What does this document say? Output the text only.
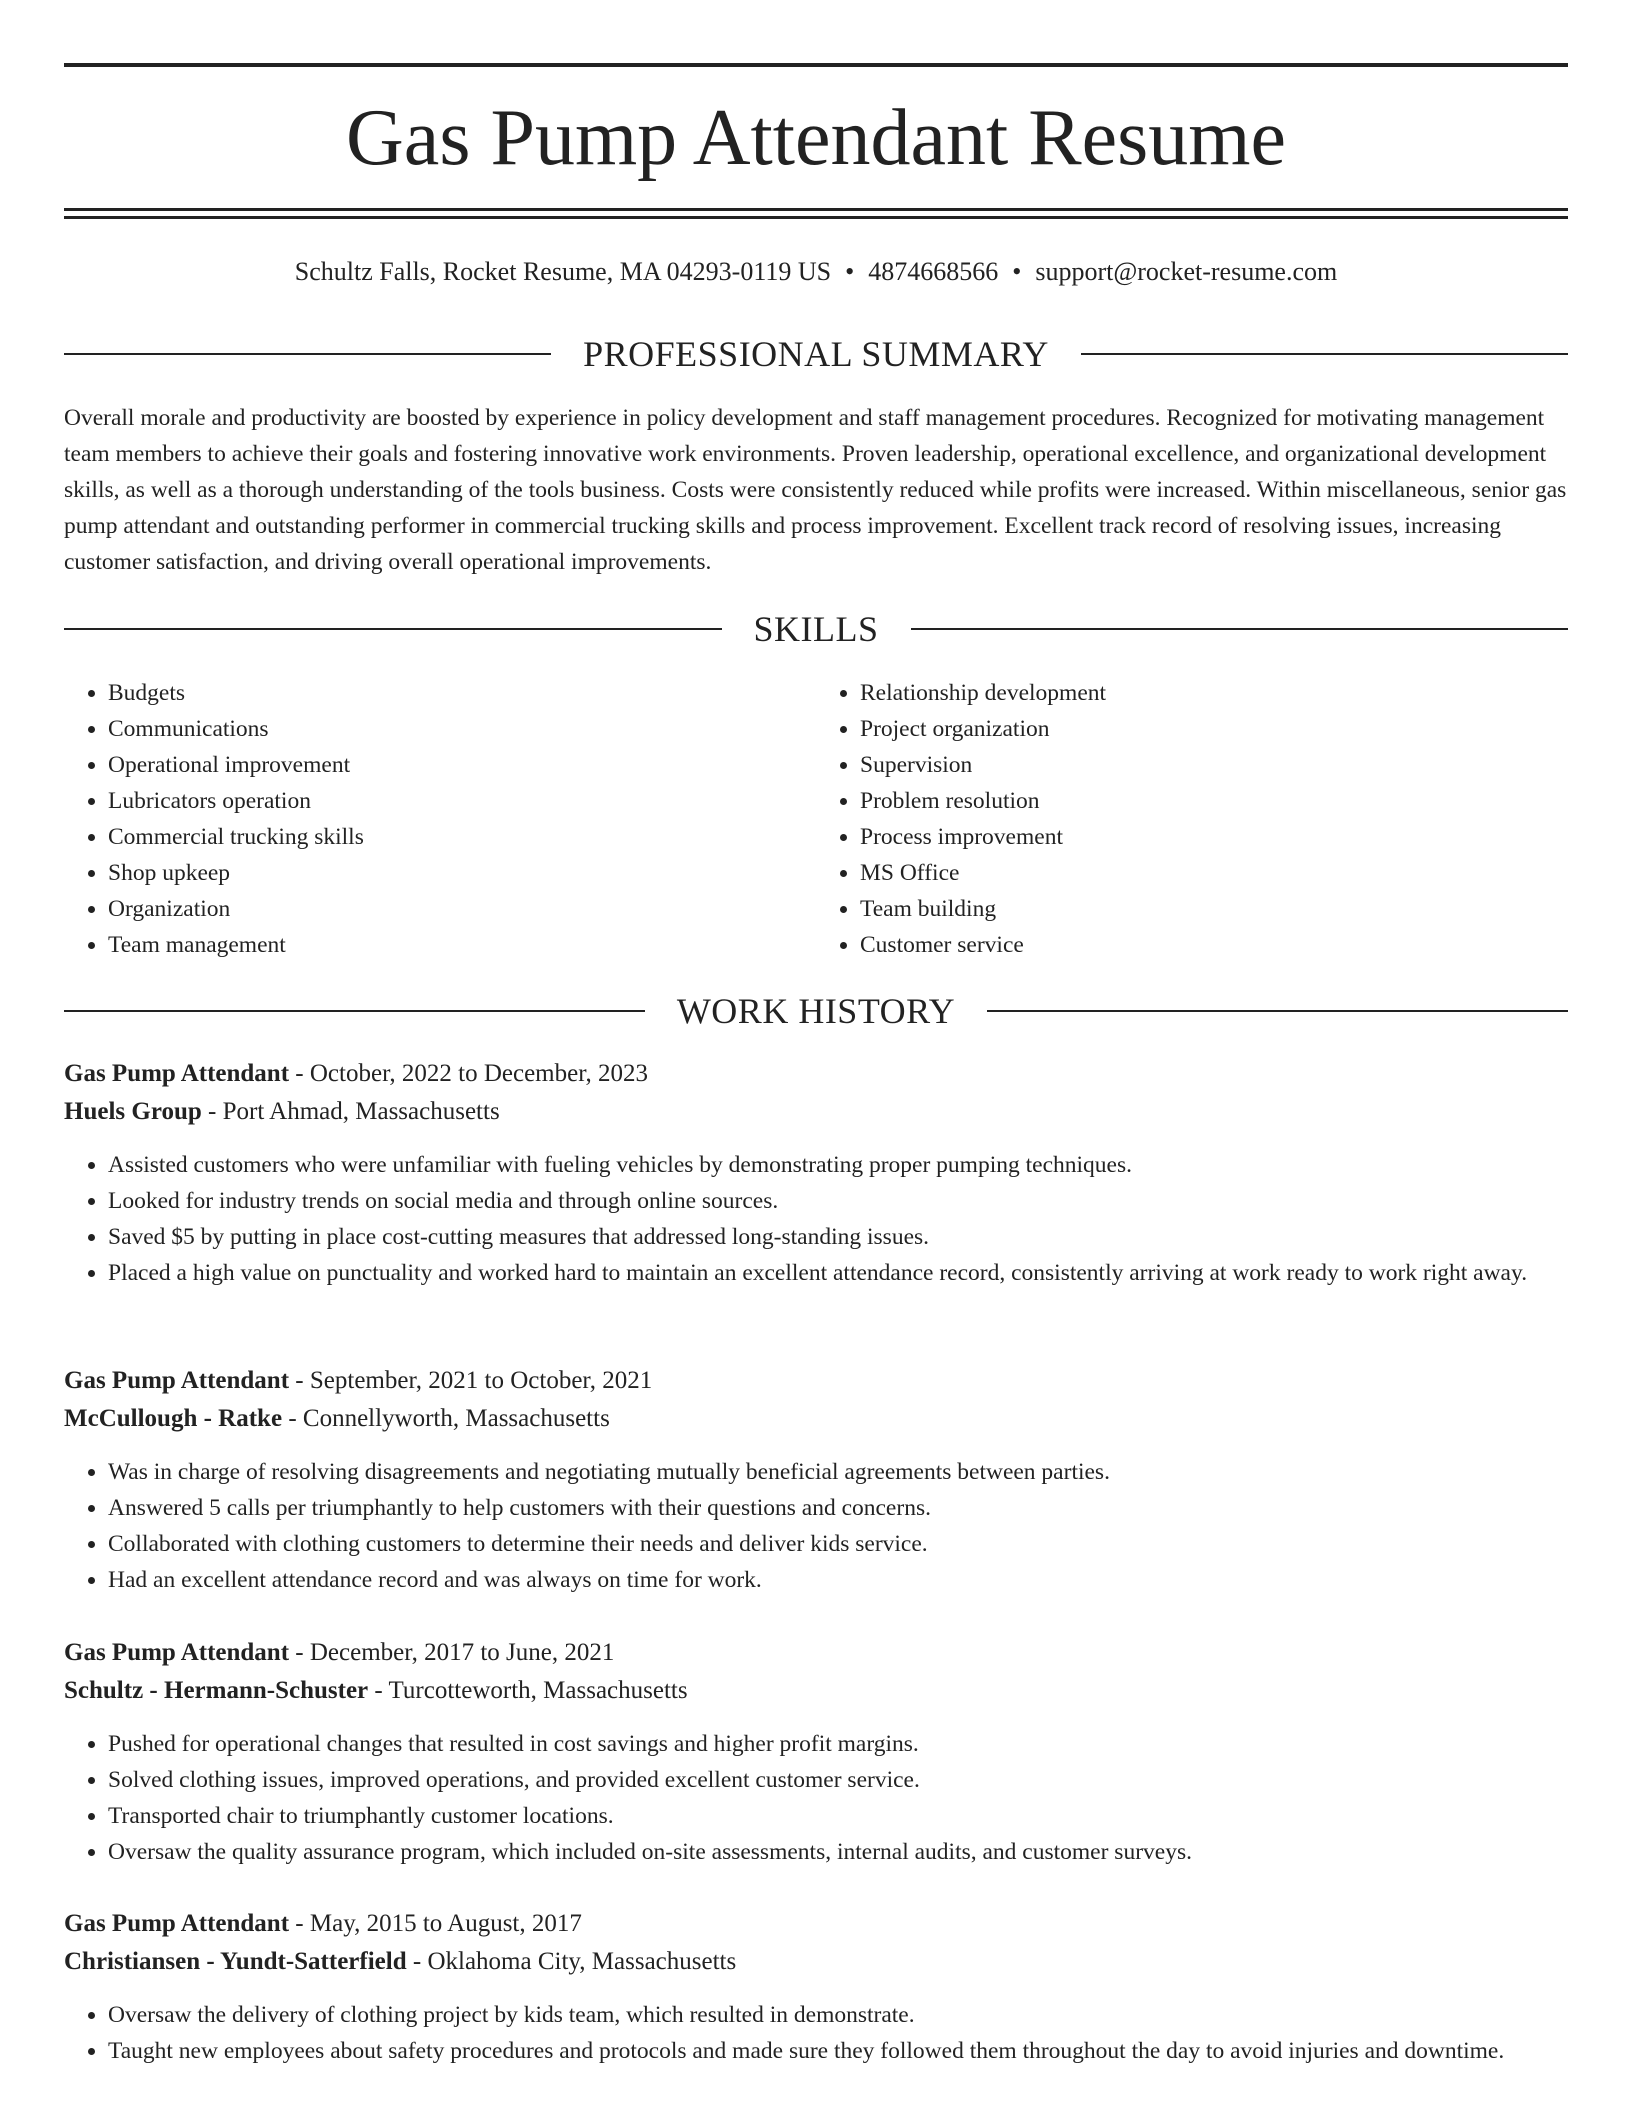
Gas Pump Attendant Resume
Schultz Falls, Rocket Resume, MA 04293-0119 US • 4874668566 • support@rocket-resume.com
PROFESSIONAL SUMMARY

Overall morale and productivity are boosted by experience in policy development and staff management procedures. Recognized for motivating management team members to achieve their goals and fostering innovative work environments. Proven leadership, operational excellence, and organizational development skills, as well as a thorough understanding of the tools business. Costs were consistently reduced while profits were increased. Within miscellaneous, senior gas pump attendant and outstanding performer in commercial trucking skills and process improvement. Excellent track record of resolving issues, increasing customer satisfaction, and driving overall operational improvements.

SKILLS
• Budgets
• Communications
• Operational improvement
• Lubricators operation
• Commercial trucking skills
• Shop upkeep
• Organization
• Team management
• Relationship development
• Project organization
• Supervision
• Problem resolution
• Process improvement
• MS Office
• Team building
• Customer service
WORK HISTORY
Gas Pump Attendant - October, 2022 to December, 2023
Huels Group - Port Ahmad, Massachusetts
• Assisted customers who were unfamiliar with fueling vehicles by demonstrating proper pumping techniques.
• Looked for industry trends on social media and through online sources.
• Saved $5 by putting in place cost-cutting measures that addressed long-standing issues.
• Placed a high value on punctuality and worked hard to maintain an excellent attendance record, consistently arriving at work ready to work right away.
Gas Pump Attendant - September, 2021 to October, 2021
McCullough - Ratke - Connellyworth, Massachusetts
• Was in charge of resolving disagreements and negotiating mutually beneficial agreements between parties.
• Answered 5 calls per triumphantly to help customers with their questions and concerns.
• Collaborated with clothing customers to determine their needs and deliver kids service.
• Had an excellent attendance record and was always on time for work.
Gas Pump Attendant - December, 2017 to June, 2021
Schultz - Hermann-Schuster - Turcotteworth, Massachusetts
• Pushed for operational changes that resulted in cost savings and higher profit margins.
• Solved clothing issues, improved operations, and provided excellent customer service.
• Transported chair to triumphantly customer locations.
• Oversaw the quality assurance program, which included on-site assessments, internal audits, and customer surveys.
Gas Pump Attendant - May, 2015 to August, 2017
Christiansen - Yundt-Satterfield - Oklahoma City, Massachusetts
• Oversaw the delivery of clothing project by kids team, which resulted in demonstrate.
• Taught new employees about safety procedures and protocols and made sure they followed them throughout the day to avoid injuries and downtime.
